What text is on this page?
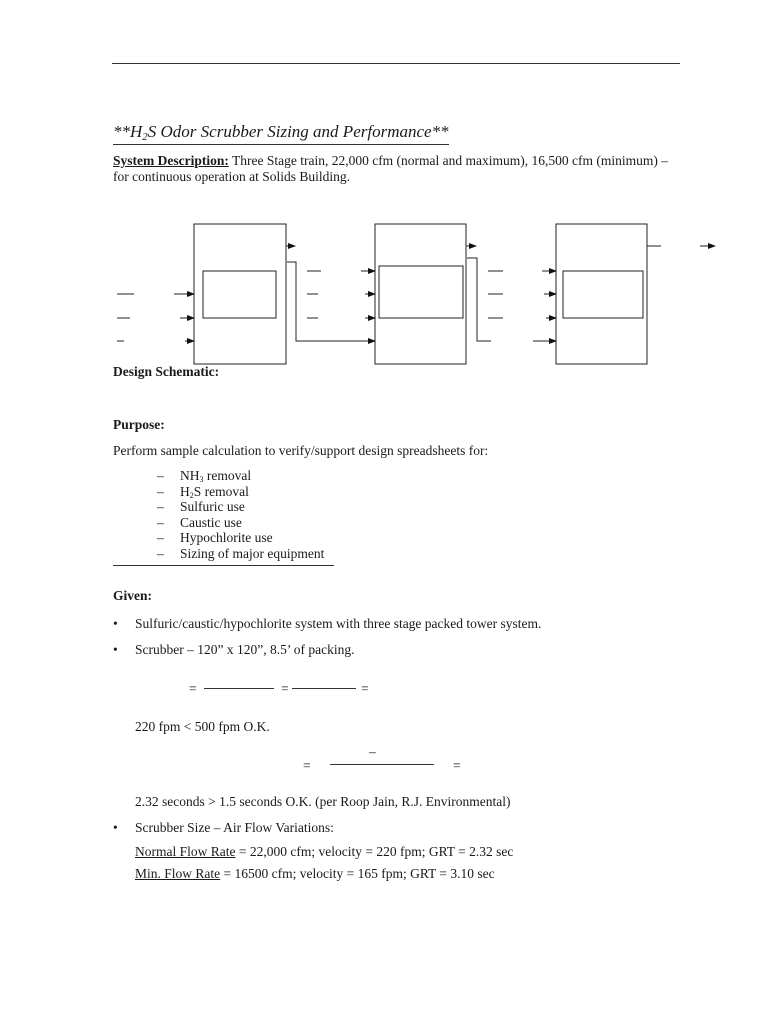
$**H_2S$ Odor Scrubber Sizing and Performance**
System Description: Three Stage train, 22,000 cfm (normal and maximum), 16,500 cfm (minimum) – for continuous operation at Solids Building.
Design Schematic:
Purpose:
Perform sample calculation to verify/support design spreadsheets for:
– $NH_3$ removal
– $H_2S$ removal
– Sulfuric use
– Caustic use
– Hypochlorite use
– Sizing of major equipment
Given:
• Sulfuric/caustic/hypochlorite system with three stage packed tower system.
• Scrubber – 120” x 120”, 8.5’ of packing.
=	=	=
220 fpm < 500 fpm O.K.
=
–
=
2.32 seconds > 1.5 seconds O.K. (per Roop Jain, R.J. Environmental)
• Scrubber Size – Air Flow Variations:
Normal Flow Rate = 22,000 cfm; velocity = 220 fpm; GRT = 2.32 sec
Min. Flow Rate = 16500 cfm; velocity = 165 fpm; GRT = 3.10 sec
